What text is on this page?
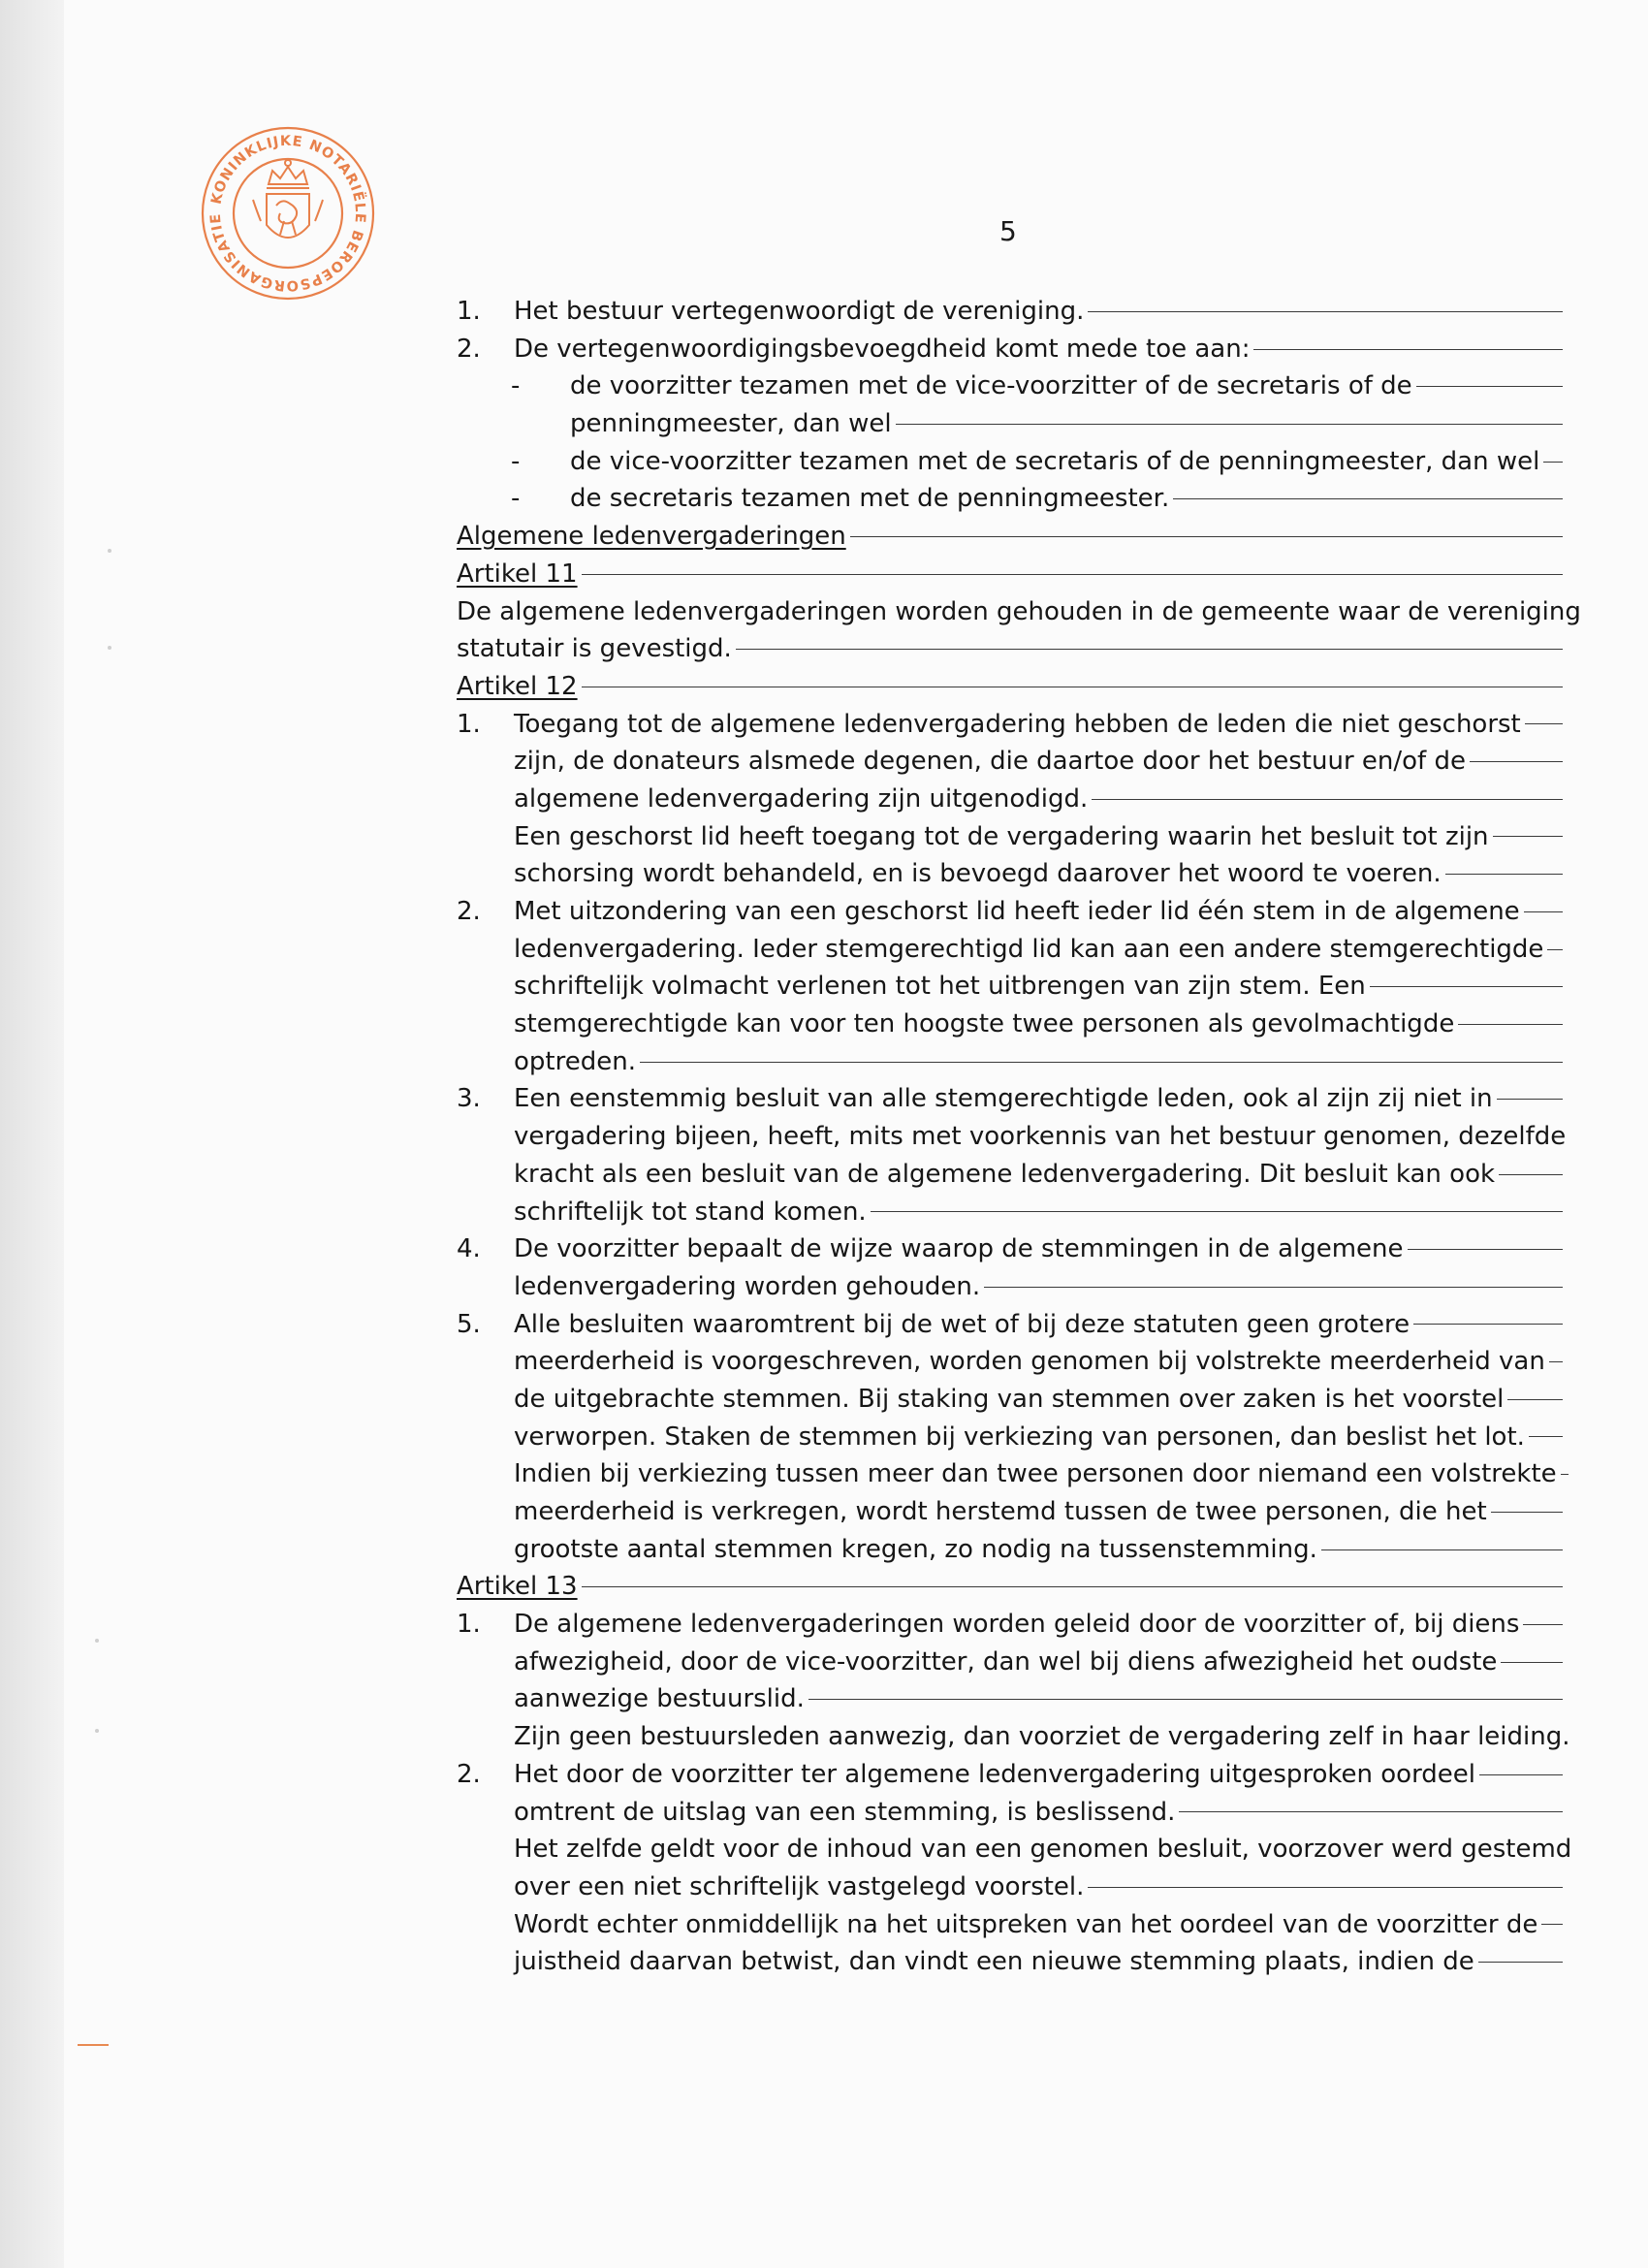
KONINKLIJKE NOTARIËLE BEROEPSORGANISATIE	5
1.	Het bestuur vertegenwoordigt de vereniging.
2.	De vertegenwoordigingsbevoegdheid komt mede toe aan:
-	de voorzitter tezamen met de vice-voorzitter of de secretaris of de
penningmeester, dan wel
-	de vice-voorzitter tezamen met de secretaris of de penningmeester, dan wel
-	de secretaris tezamen met de penningmeester.
Algemene ledenvergaderingen
Artikel 11
De algemene ledenvergaderingen worden gehouden in de gemeente waar de vereniging
statutair is gevestigd.
Artikel 12
1.	Toegang tot de algemene ledenvergadering hebben de leden die niet geschorst
zijn, de donateurs alsmede degenen, die daartoe door het bestuur en/of de
algemene ledenvergadering zijn uitgenodigd.
Een geschorst lid heeft toegang tot de vergadering waarin het besluit tot zijn
schorsing wordt behandeld, en is bevoegd daarover het woord te voeren.
2.	Met uitzondering van een geschorst lid heeft ieder lid één stem in de algemene
ledenvergadering. Ieder stemgerechtigd lid kan aan een andere stemgerechtigde
schriftelijk volmacht verlenen tot het uitbrengen van zijn stem. Een
stemgerechtigde kan voor ten hoogste twee personen als gevolmachtigde
optreden.
3.	Een eenstemmig besluit van alle stemgerechtigde leden, ook al zijn zij niet in
vergadering bijeen, heeft, mits met voorkennis van het bestuur genomen, dezelfde
kracht als een besluit van de algemene ledenvergadering. Dit besluit kan ook
schriftelijk tot stand komen.
4.	De voorzitter bepaalt de wijze waarop de stemmingen in de algemene
ledenvergadering worden gehouden.
5.	Alle besluiten waaromtrent bij de wet of bij deze statuten geen grotere
meerderheid is voorgeschreven, worden genomen bij volstrekte meerderheid van
de uitgebrachte stemmen. Bij staking van stemmen over zaken is het voorstel
verworpen. Staken de stemmen bij verkiezing van personen, dan beslist het lot.
Indien bij verkiezing tussen meer dan twee personen door niemand een volstrekte
meerderheid is verkregen, wordt herstemd tussen de twee personen, die het
grootste aantal stemmen kregen, zo nodig na tussenstemming.
Artikel 13
1.	De algemene ledenvergaderingen worden geleid door de voorzitter of, bij diens
afwezigheid, door de vice-voorzitter, dan wel bij diens afwezigheid het oudste
aanwezige bestuurslid.
Zijn geen bestuursleden aanwezig, dan voorziet de vergadering zelf in haar leiding.
2.	Het door de voorzitter ter algemene ledenvergadering uitgesproken oordeel
omtrent de uitslag van een stemming, is beslissend.
Het zelfde geldt voor de inhoud van een genomen besluit, voorzover werd gestemd
over een niet schriftelijk vastgelegd voorstel.
Wordt echter onmiddellijk na het uitspreken van het oordeel van de voorzitter de
juistheid daarvan betwist, dan vindt een nieuwe stemming plaats, indien de
